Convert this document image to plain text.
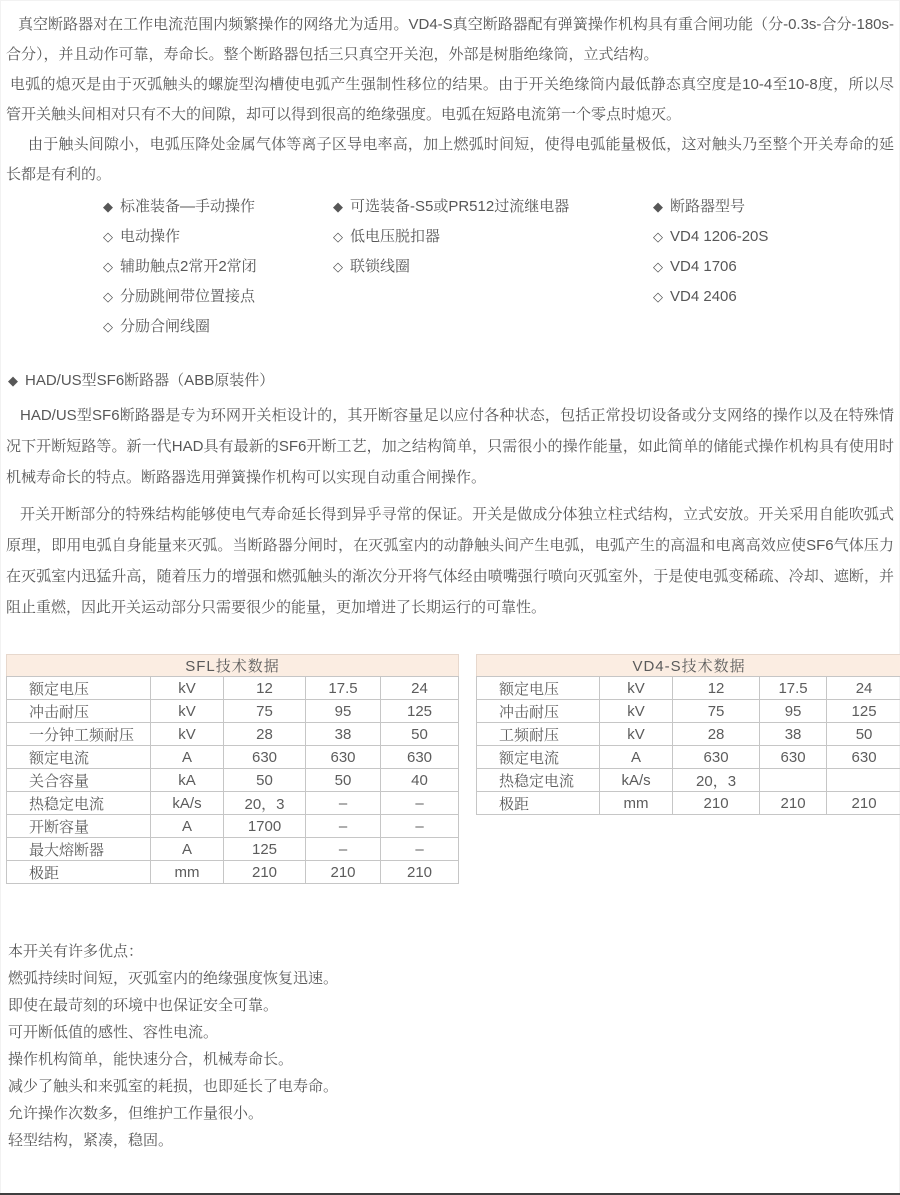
真空断路器对在工作电流范围内频繁操作的网络尤为适用。VD4-S真空断路器配有弹簧操作机构具有重合闸功能（分-0.3s-合分-180s-合分），并且动作可靠，寿命长。整个断路器包括三只真空开关泡，外部是树脂绝缘筒，立式结构。

电弧的熄灭是由于灭弧触头的螺旋型沟槽使电弧产生强制性移位的结果。由于开关绝缘筒内最低静态真空度是10-4至10-8度，所以尽管开关触头间相对只有不大的间隙，却可以得到很高的绝缘强度。电弧在短路电流第一个零点时熄灭。

由于触头间隙小，电弧压降处金属气体等离子区导电率高，加上燃弧时间短，使得电弧能量极低，这对触头乃至整个开关寿命的延长都是有利的。

◆ 标准装备—手动操作
◇ 电动操作
◇ 辅助触点2常开2常闭
◇ 分励跳闸带位置接点
◇ 分励合闸线圈
◆ 可选装备-S5或PR512过流继电器
◇ 低电压脱扣器
◇ 联锁线圈
◆ 断路器型号
◇ VD4 1206-20S
◇ VD4 1706
◇ VD4 2406
◆ HAD/US型SF6断路器（ABB原装件）

HAD/US型SF6断路器是专为环网开关柜设计的，其开断容量足以应付各种状态，包括正常投切设备或分支网络的操作以及在特殊情况下开断短路等。新一代HAD具有最新的SF6开断工艺，加之结构简单，只需很小的操作能量，如此简单的储能式操作机构具有使用时机械寿命长的特点。断路器选用弹簧操作机构可以实现自动重合闸操作。

开关开断部分的特殊结构能够使电气寿命延长得到异乎寻常的保证。开关是做成分体独立柱式结构，立式安放。开关采用自能吹弧式原理，即用电弧自身能量来灭弧。当断路器分闸时，在灭弧室内的动静触头间产生电弧，电弧产生的高温和电离高效应使SF6气体压力在灭弧室内迅猛升高，随着压力的增强和燃弧触头的渐次分开将气体经由喷嘴强行喷向灭弧室外，于是使电弧变稀疏、冷却、遮断，并阻止重燃，因此开关运动部分只需要很少的能量，更加增进了长期运行的可靠性。

SFL技术数据				
额定电压	kV	12	17.5	24
冲击耐压	kV	75	95	125
一分钟工频耐压	kV	28	38	50
额定电流	A	630	630	630
关合容量	kA	50	50	40
热稳定电流	kA/s	20，3	–	–
开断容量	A	1700	–	–
最大熔断器	A	125	–	–
极距	mm	210	210	210
VD4-S技术数据				
额定电压	kV	12	17.5	24
冲击耐压	kV	75	95	125
工频耐压	kV	28	38	50
额定电流	A	630	630	630
热稳定电流	kA/s	20，3		
极距	mm	210	210	210
本开关有许多优点：
燃弧持续时间短，灭弧室内的绝缘强度恢复迅速。
即使在最苛刻的环境中也保证安全可靠。
可开断低值的感性、容性电流。
操作机构简单，能快速分合，机械寿命长。
减少了触头和来弧室的耗损，也即延长了电寿命。
允许操作次数多，但维护工作量很小。
轻型结构，紧凑，稳固。
